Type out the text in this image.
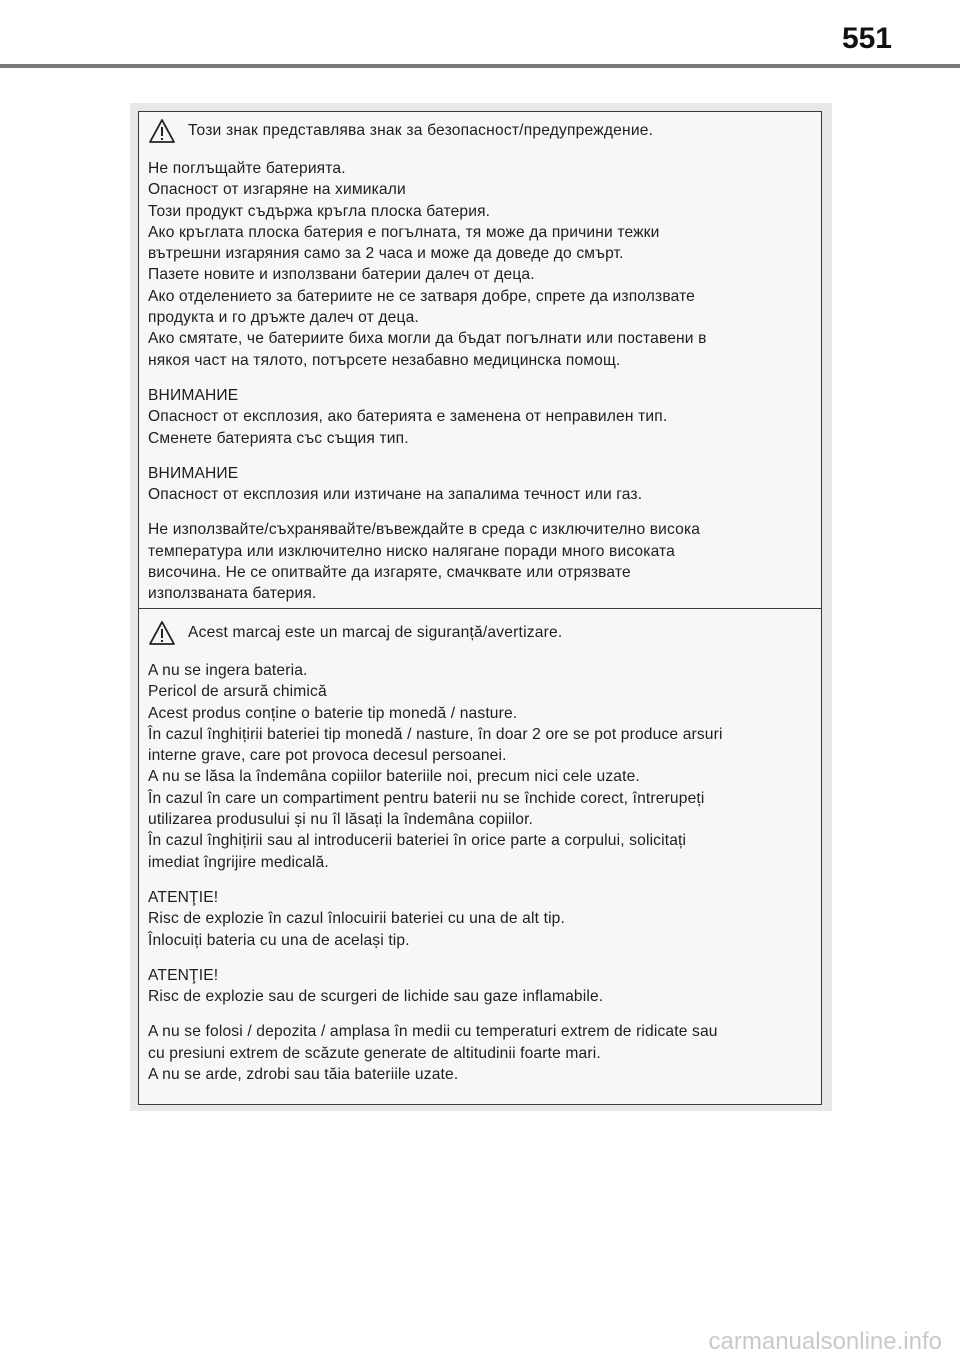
551
Този знак представлява знак за безопасност/предупреждение.
Не поглъщайте батерията.
Опасност от изгаряне на химикали
Този продукт съдържа кръгла плоска батерия.
Ако кръглата плоска батерия е погълната, тя може да причини тежки
вътрешни изгаряния само за 2 часа и може да доведе до смърт.
Пазете новите и използвани батерии далеч от деца.
Ако отделението за батериите не се затваря добре, спрете да използвате
продукта и го дръжте далеч от деца.
Ако смятате, че батериите биха могли да бъдат погълнати или поставени в
някоя част на тялото, потърсете незабавно медицинска помощ.
ВНИМАНИЕ
Опасност от експлозия, ако батерията е заменена от неправилен тип.
Сменете батерията със същия тип.
ВНИМАНИЕ
Опасност от експлозия или изтичане на запалима течност или газ.
Не използвайте/съхранявайте/въвеждайте в среда с изключително висока
температура или изключително ниско налягане поради много високата
височина. Не се опитвайте да изгаряте, смачквате или отрязвате
използваната батерия.
Acest marcaj este un marcaj de siguranță/avertizare.
A nu se ingera bateria.
Pericol de arsură chimică
Acest produs conține o baterie tip monedă / nasture.
În cazul înghițirii bateriei tip monedă / nasture, în doar 2 ore se pot produce arsuri
interne grave, care pot provoca decesul persoanei.
A nu se lăsa la îndemâna copiilor bateriile noi, precum nici cele uzate.
În cazul în care un compartiment pentru baterii nu se închide corect, întrerupeți
utilizarea produsului și nu îl lăsați la îndemâna copiilor.
În cazul înghițirii sau al introducerii bateriei în orice parte a corpului, solicitați
imediat îngrijire medicală.
ATENŢIE!
Risc de explozie în cazul înlocuirii bateriei cu una de alt tip.
Înlocuiți bateria cu una de același tip.
ATENŢIE!
Risc de explozie sau de scurgeri de lichide sau gaze inflamabile.
A nu se folosi / depozita / amplasa în medii cu temperaturi extrem de ridicate sau
cu presiuni extrem de scăzute generate de altitudinii foarte mari.
A nu se arde, zdrobi sau tăia bateriile uzate.
carmanualsonline.info
